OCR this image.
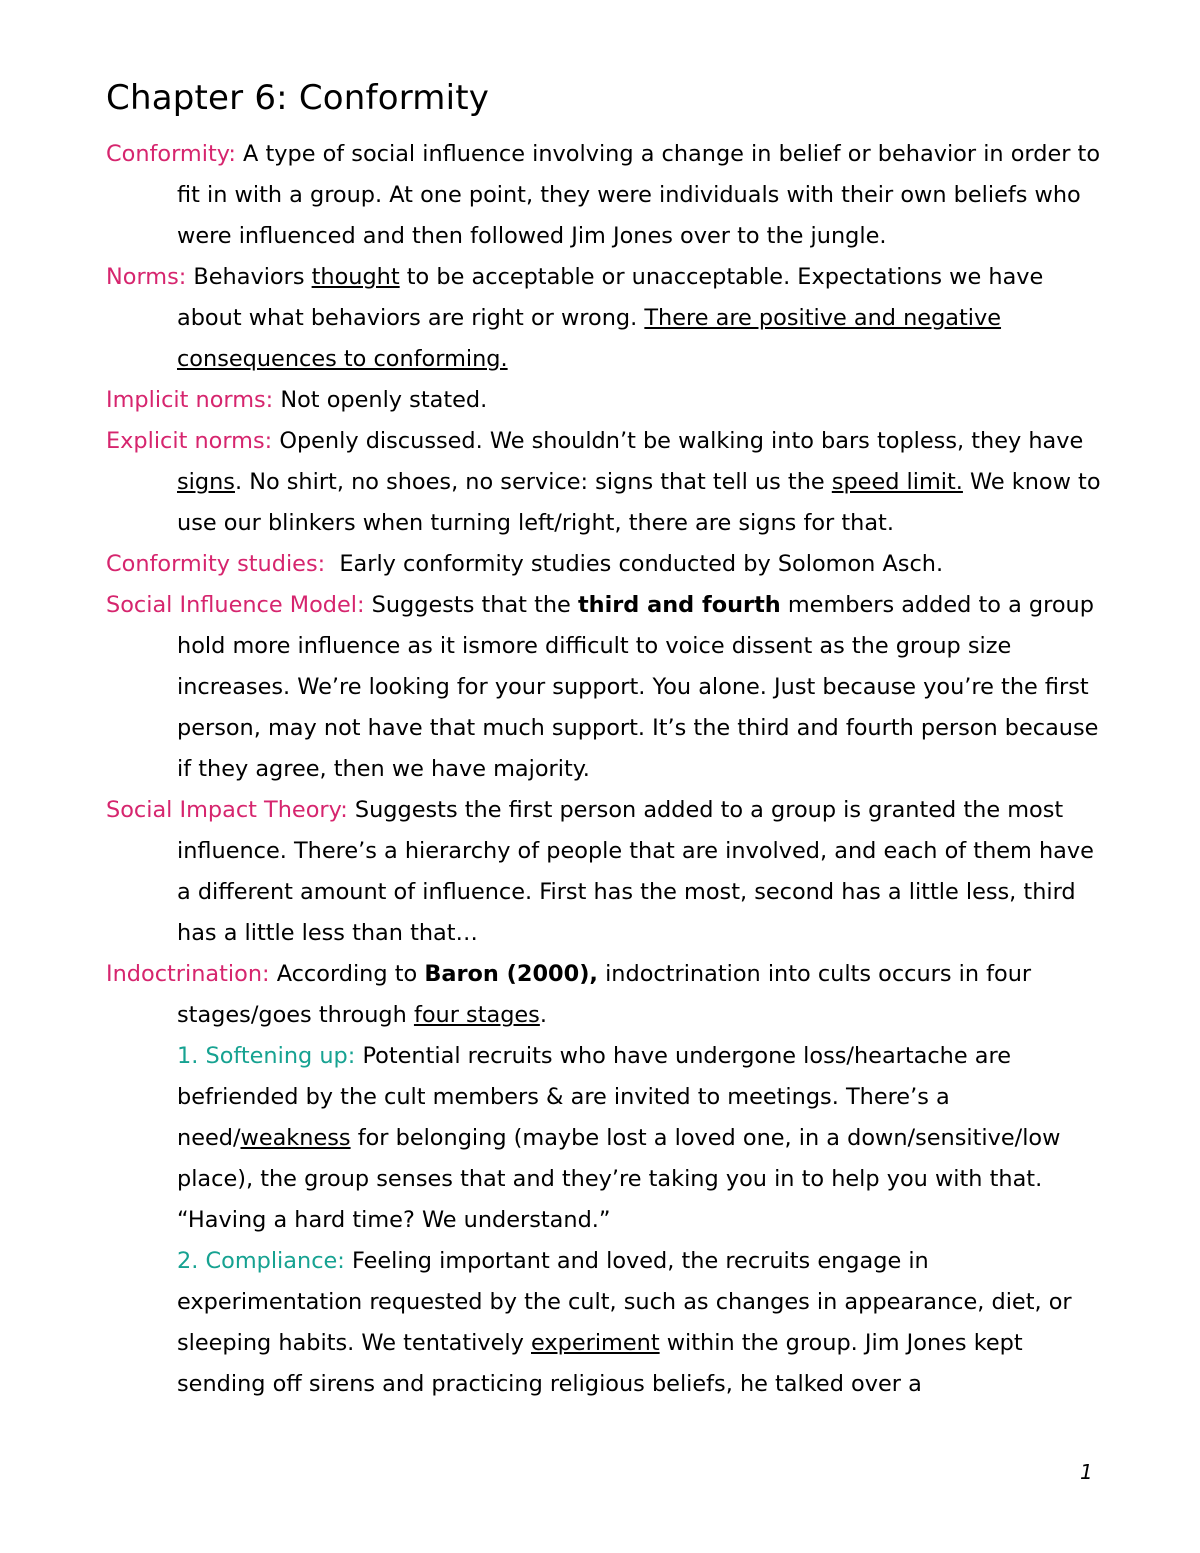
Chapter 6: Conformity

Conformity: A type of social influence involving a change in belief or behavior in order to fit in with a group. At one point, they were individuals with their own beliefs who were influenced and then followed Jim Jones over to the jungle.

Norms: Behaviors thought to be acceptable or unacceptable. Expectations we have about what behaviors are right or wrong. There are positive and negative consequences to conforming.

Implicit norms: Not openly stated.

Explicit norms: Openly discussed. We shouldn’t be walking into bars topless, they have signs. No shirt, no shoes, no service: signs that tell us the speed limit. We know to use our blinkers when turning left/right, there are signs for that.

Conformity studies:  Early conformity studies conducted by Solomon Asch.

Social Influence Model: Suggests that the third and fourth members added to a group hold more influence as it ismore difficult to voice dissent as the group size increases. We’re looking for your support. You alone. Just because you’re the first person, may not have that much support. It’s the third and fourth person because if they agree, then we have majority.

Social Impact Theory: Suggests the first person added to a group is granted the most influence. There’s a hierarchy of people that are involved, and each of them have a different amount of influence. First has the most, second has a little less, third has a little less than that…

Indoctrination: According to Baron (2000), indoctrination into cults occurs in four stages/goes through four stages.

1. Softening up: Potential recruits who have undergone loss/heartache are befriended by the cult members & are invited to meetings. There’s a need/weakness for belonging (maybe lost a loved one, in a down/sensitive/low place), the group senses that and they’re taking you in to help you with that. “Having a hard time? We understand.”

2. Compliance: Feeling important and loved, the recruits engage in experimentation requested by the cult, such as changes in appearance, diet, or sleeping habits. We tentatively experiment within the group. Jim Jones kept sending off sirens and practicing religious beliefs, he talked over a

1
